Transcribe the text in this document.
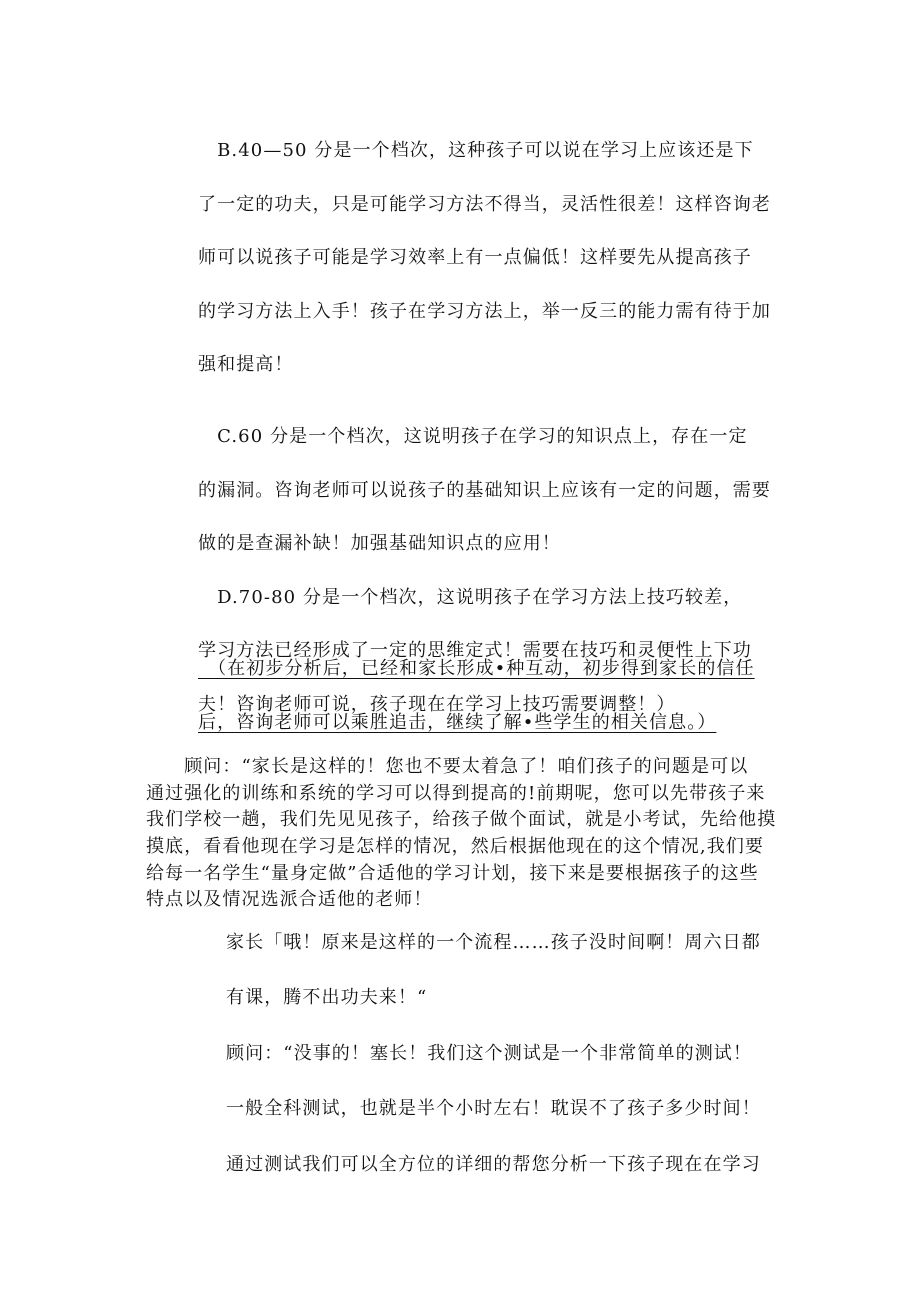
　B.40—50 分是一个档次，这种孩子可以说在学习上应该还是下
了一定的功夫，只是可能学习方法不得当，灵活性很差！这样咨询老
师可以说孩子可能是学习效率上有一点偏低！这样要先从提高孩子
的学习方法上入手！孩子在学习方法上，举一反三的能力需有待于加
强和提高！

　C.60 分是一个档次，这说明孩子在学习的知识点上，存在一定
的漏洞。咨询老师可以说孩子的基础知识上应该有一定的问题，需要
做的是查漏补缺！加强基础知识点的应用！

　D.70-80 分是一个档次，这说明孩子在学习方法上技巧较差，
学习方法已经形成了一定的思维定式！需要在技巧和灵便性上下功
夫！咨询老师可说，孩子现在在学习上技巧需要调整！）

　（在初步分析后，已经和家长形成•种互动，初步得到家长的信任
后，咨询老师可以乘胜追击，继续了解•些学生的相关信息。）
　　顾问：“家长是这样的！您也不要太着急了！咱们孩子的问题是可以
通过强化的训练和系统的学习可以得到提高的!前期呢，您可以先带孩子来
我们学校一趟，我们先见见孩子，给孩子做个面试，就是小考试，先给他摸
摸底，看看他现在学习是怎样的情况，然后根据他现在的这个情况,我们要
给每一名学生“量身定做”合适他的学习计划，接下来是要根据孩子的这些
特点以及情况选派合适他的老师！
家长「哦！原来是这样的一个流程……孩子没时间啊！周六日都
有课，腾不出功夫来！“
顾问：“没事的！塞长！我们这个测试是一个非常简单的测试！
一般全科测试，也就是半个小时左右！耽误不了孩子多少时间！
通过测试我们可以全方位的详细的帮您分析一下孩子现在在学习
